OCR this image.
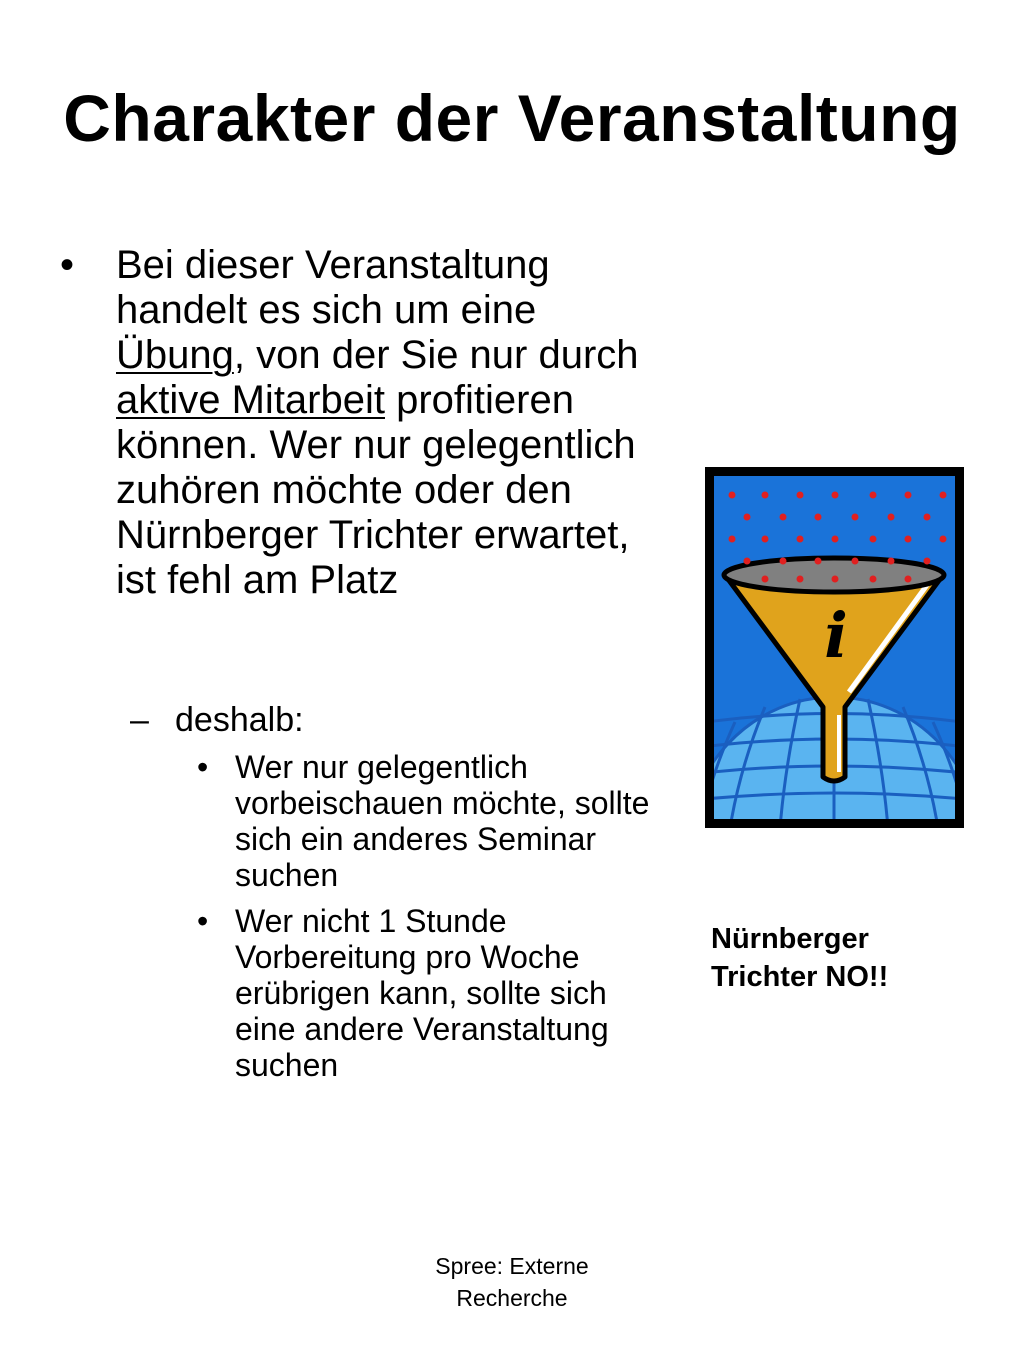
Charakter der Veranstaltung
•	Bei dieser Veranstaltung handelt es sich um eine Übung, von der Sie nur durch aktive Mitarbeit profitieren können. Wer nur gelegentlich zuhören möchte oder den Nürnberger Trichter erwartet, ist fehl am Platz
– deshalb:
• Wer nur gelegentlich vorbeischauen möchte, sollte sich ein anderes Seminar suchen
• Wer nicht 1 Stunde Vorbereitung pro Woche erübrigen kann, sollte sich eine andere Veranstaltung suchen
i
Nürnberger
Trichter NO!!
Spree: Externe
Recherche
